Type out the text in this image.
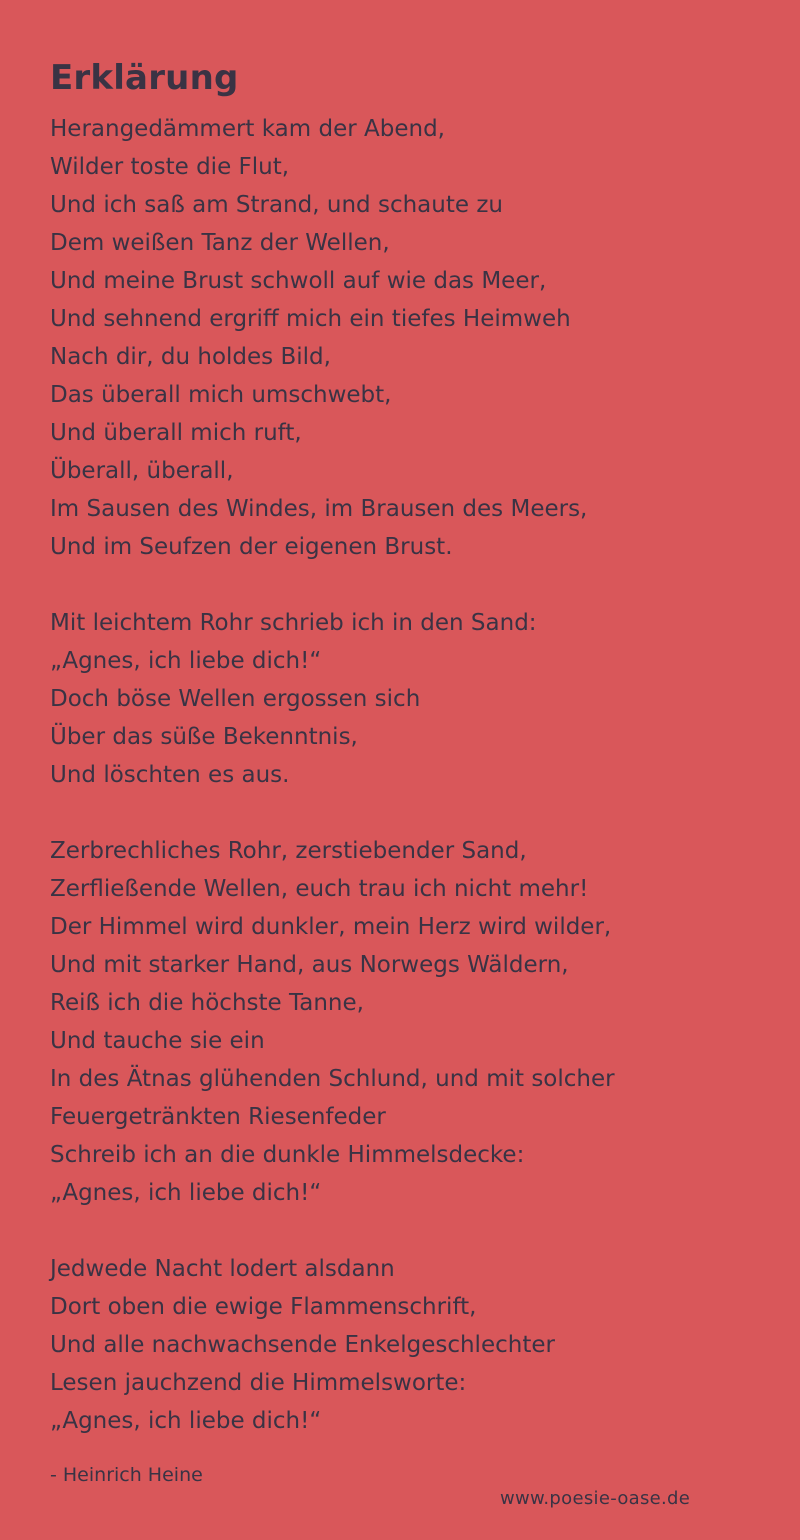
Erklärung
Herangedämmert kam der Abend,
Wilder toste die Flut,
Und ich saß am Strand, und schaute zu
Dem weißen Tanz der Wellen,
Und meine Brust schwoll auf wie das Meer,
Und sehnend ergriff mich ein tiefes Heimweh
Nach dir, du holdes Bild,
Das überall mich umschwebt,
Und überall mich ruft,
Überall, überall,
Im Sausen des Windes, im Brausen des Meers,
Und im Seufzen der eigenen Brust.
Mit leichtem Rohr schrieb ich in den Sand:
„Agnes, ich liebe dich!“
Doch böse Wellen ergossen sich
Über das süße Bekenntnis,
Und löschten es aus.
Zerbrechliches Rohr, zerstiebender Sand,
Zerfließende Wellen, euch trau ich nicht mehr!
Der Himmel wird dunkler, mein Herz wird wilder,
Und mit starker Hand, aus Norwegs Wäldern,
Reiß ich die höchste Tanne,
Und tauche sie ein
In des Ätnas glühenden Schlund, und mit solcher
Feuergetränkten Riesenfeder
Schreib ich an die dunkle Himmelsdecke:
„Agnes, ich liebe dich!“
Jedwede Nacht lodert alsdann
Dort oben die ewige Flammenschrift,
Und alle nachwachsende Enkelgeschlechter
Lesen jauchzend die Himmelsworte:
„Agnes, ich liebe dich!“
- Heinrich Heine
www.poesie-oase.de
